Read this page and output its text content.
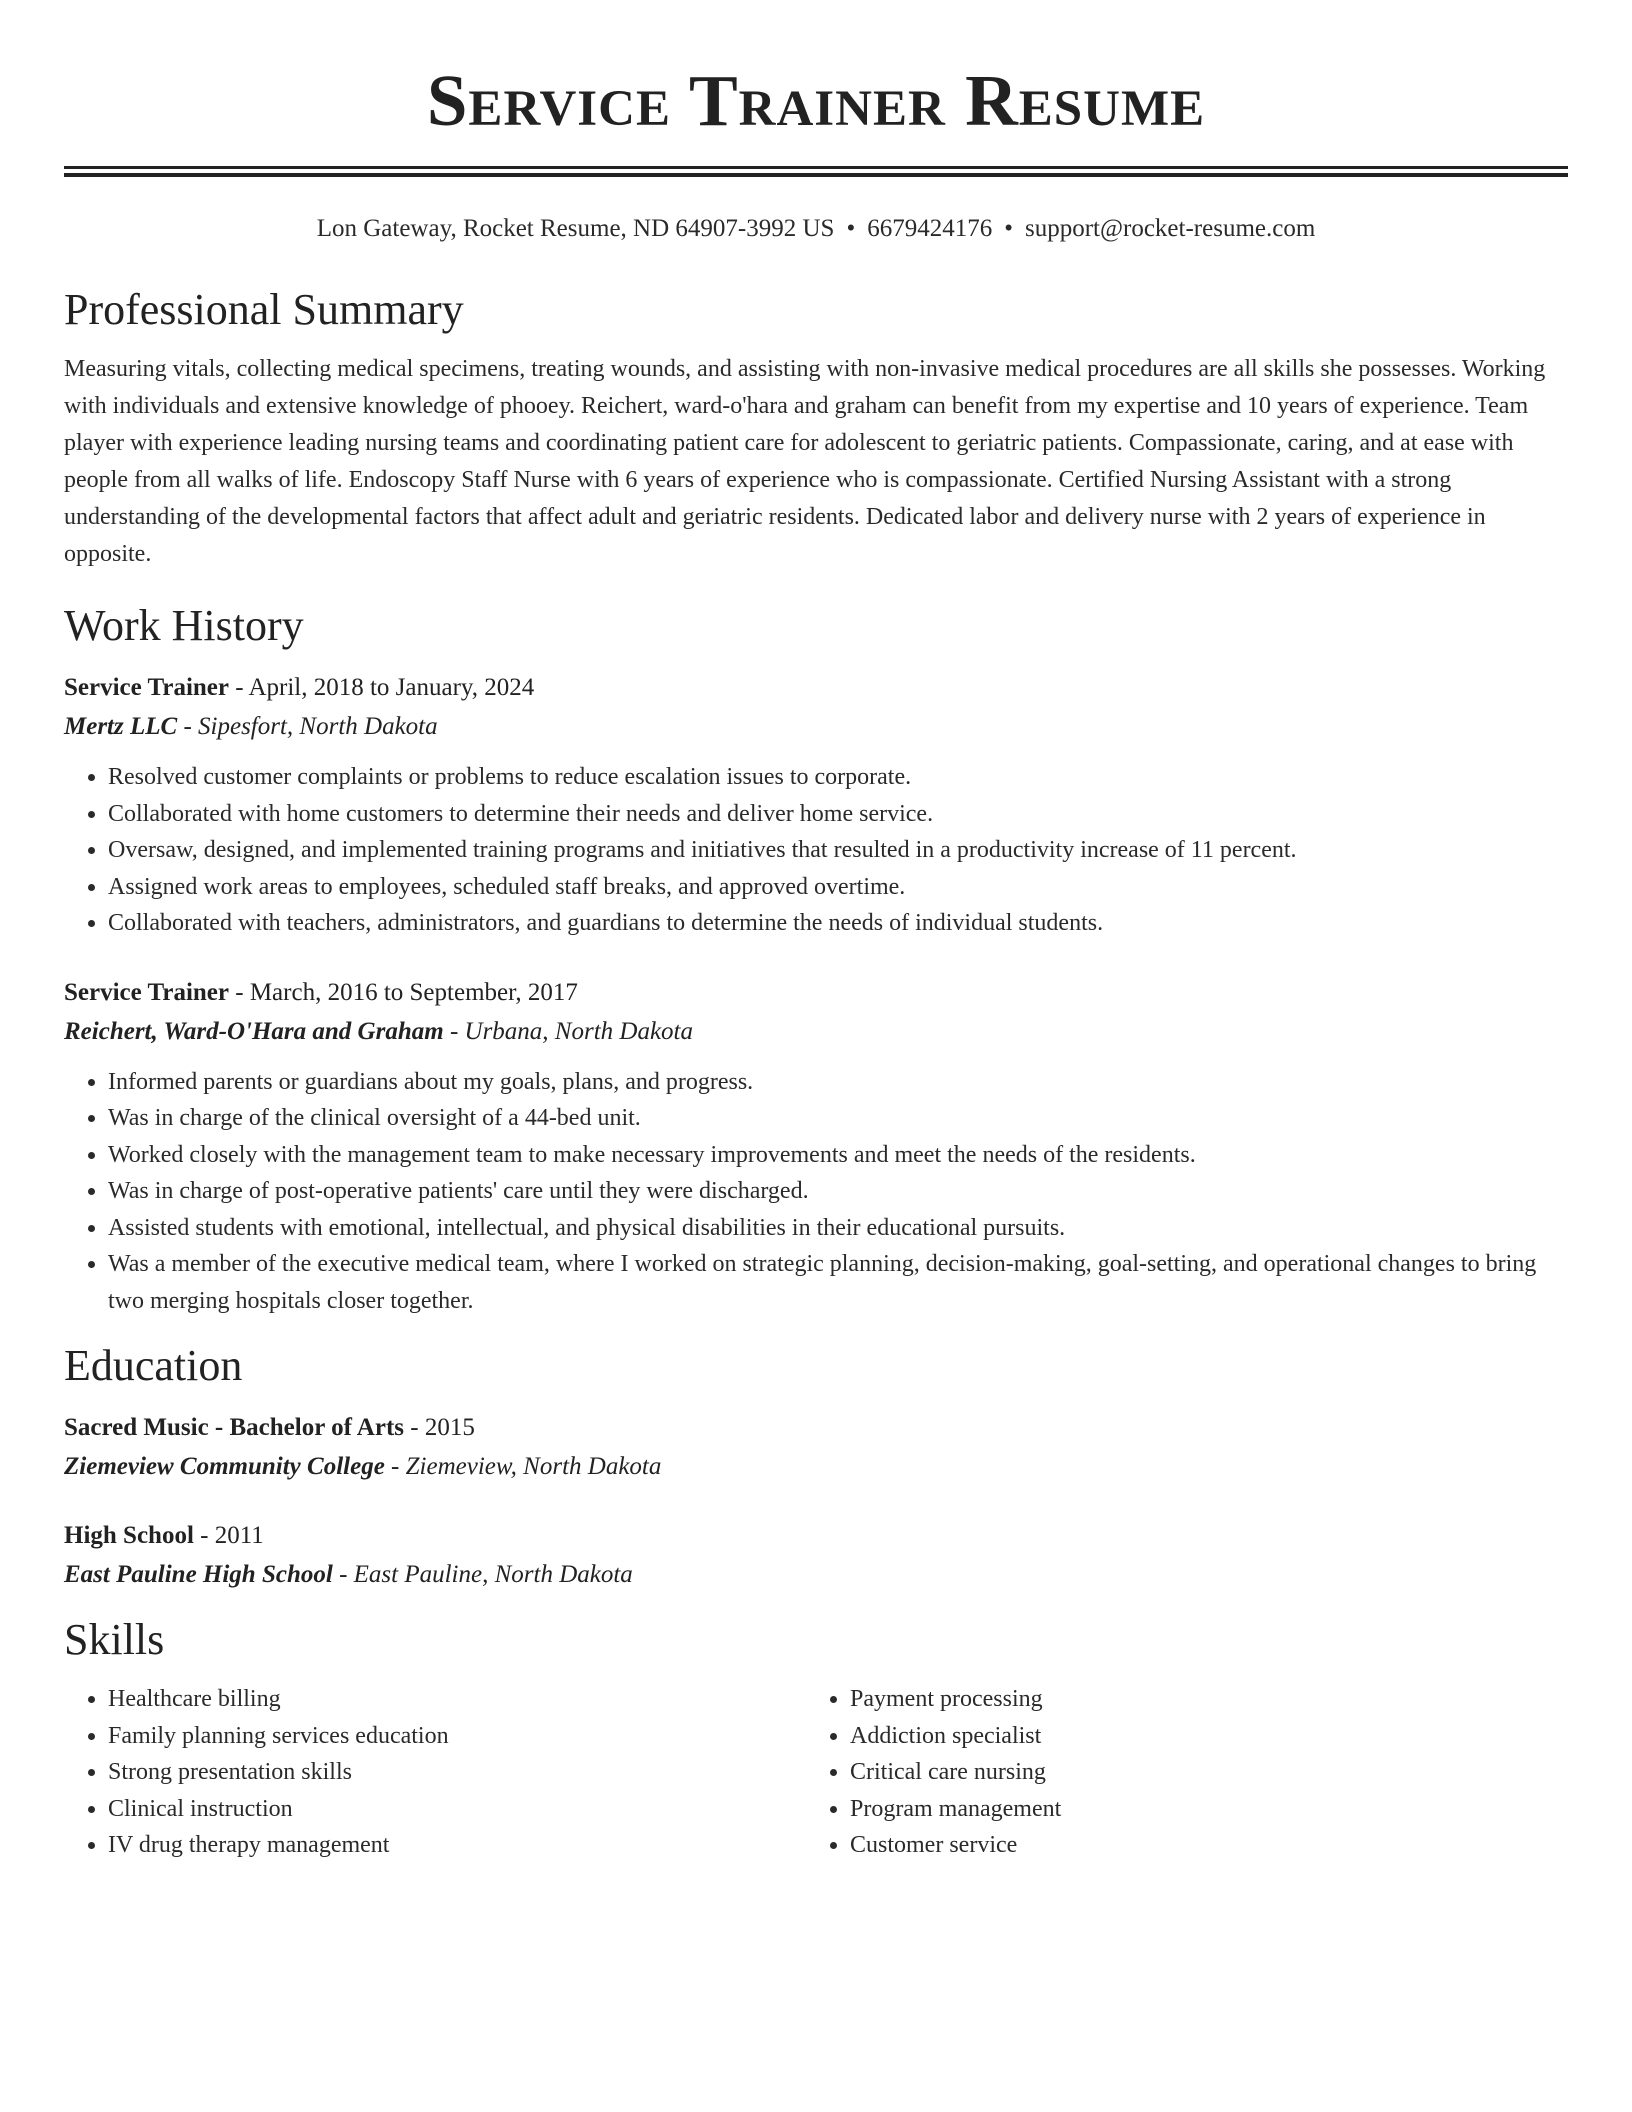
Service Trainer Resume
Lon Gateway, Rocket Resume, ND 64907-3992 US • 6679424176 • support@rocket-resume.com
Professional Summary
Measuring vitals, collecting medical specimens, treating wounds, and assisting with non-invasive medical procedures are all skills she possesses. Working with individuals and extensive knowledge of phooey. Reichert, ward-o'hara and graham can benefit from my expertise and 10 years of experience. Team player with experience leading nursing teams and coordinating patient care for adolescent to geriatric patients. Compassionate, caring, and at ease with people from all walks of life. Endoscopy Staff Nurse with 6 years of experience who is compassionate. Certified Nursing Assistant with a strong understanding of the developmental factors that affect adult and geriatric residents. Dedicated labor and delivery nurse with 2 years of experience in opposite.
Work History
Service Trainer - April, 2018 to January, 2024
Mertz LLC - Sipesfort, North Dakota
• Resolved customer complaints or problems to reduce escalation issues to corporate.
• Collaborated with home customers to determine their needs and deliver home service.
• Oversaw, designed, and implemented training programs and initiatives that resulted in a productivity increase of 11 percent.
• Assigned work areas to employees, scheduled staff breaks, and approved overtime.
• Collaborated with teachers, administrators, and guardians to determine the needs of individual students.
Service Trainer - March, 2016 to September, 2017
Reichert, Ward-O'Hara and Graham - Urbana, North Dakota
• Informed parents or guardians about my goals, plans, and progress.
• Was in charge of the clinical oversight of a 44-bed unit.
• Worked closely with the management team to make necessary improvements and meet the needs of the residents.
• Was in charge of post-operative patients' care until they were discharged.
• Assisted students with emotional, intellectual, and physical disabilities in their educational pursuits.
• Was a member of the executive medical team, where I worked on strategic planning, decision-making, goal-setting, and operational changes to bring two merging hospitals closer together.
Education
Sacred Music - Bachelor of Arts - 2015
Ziemeview Community College - Ziemeview, North Dakota
High School - 2011
East Pauline High School - East Pauline, North Dakota
Skills
• Healthcare billing
• Family planning services education
• Strong presentation skills
• Clinical instruction
• IV drug therapy management
• Payment processing
• Addiction specialist
• Critical care nursing
• Program management
• Customer service
